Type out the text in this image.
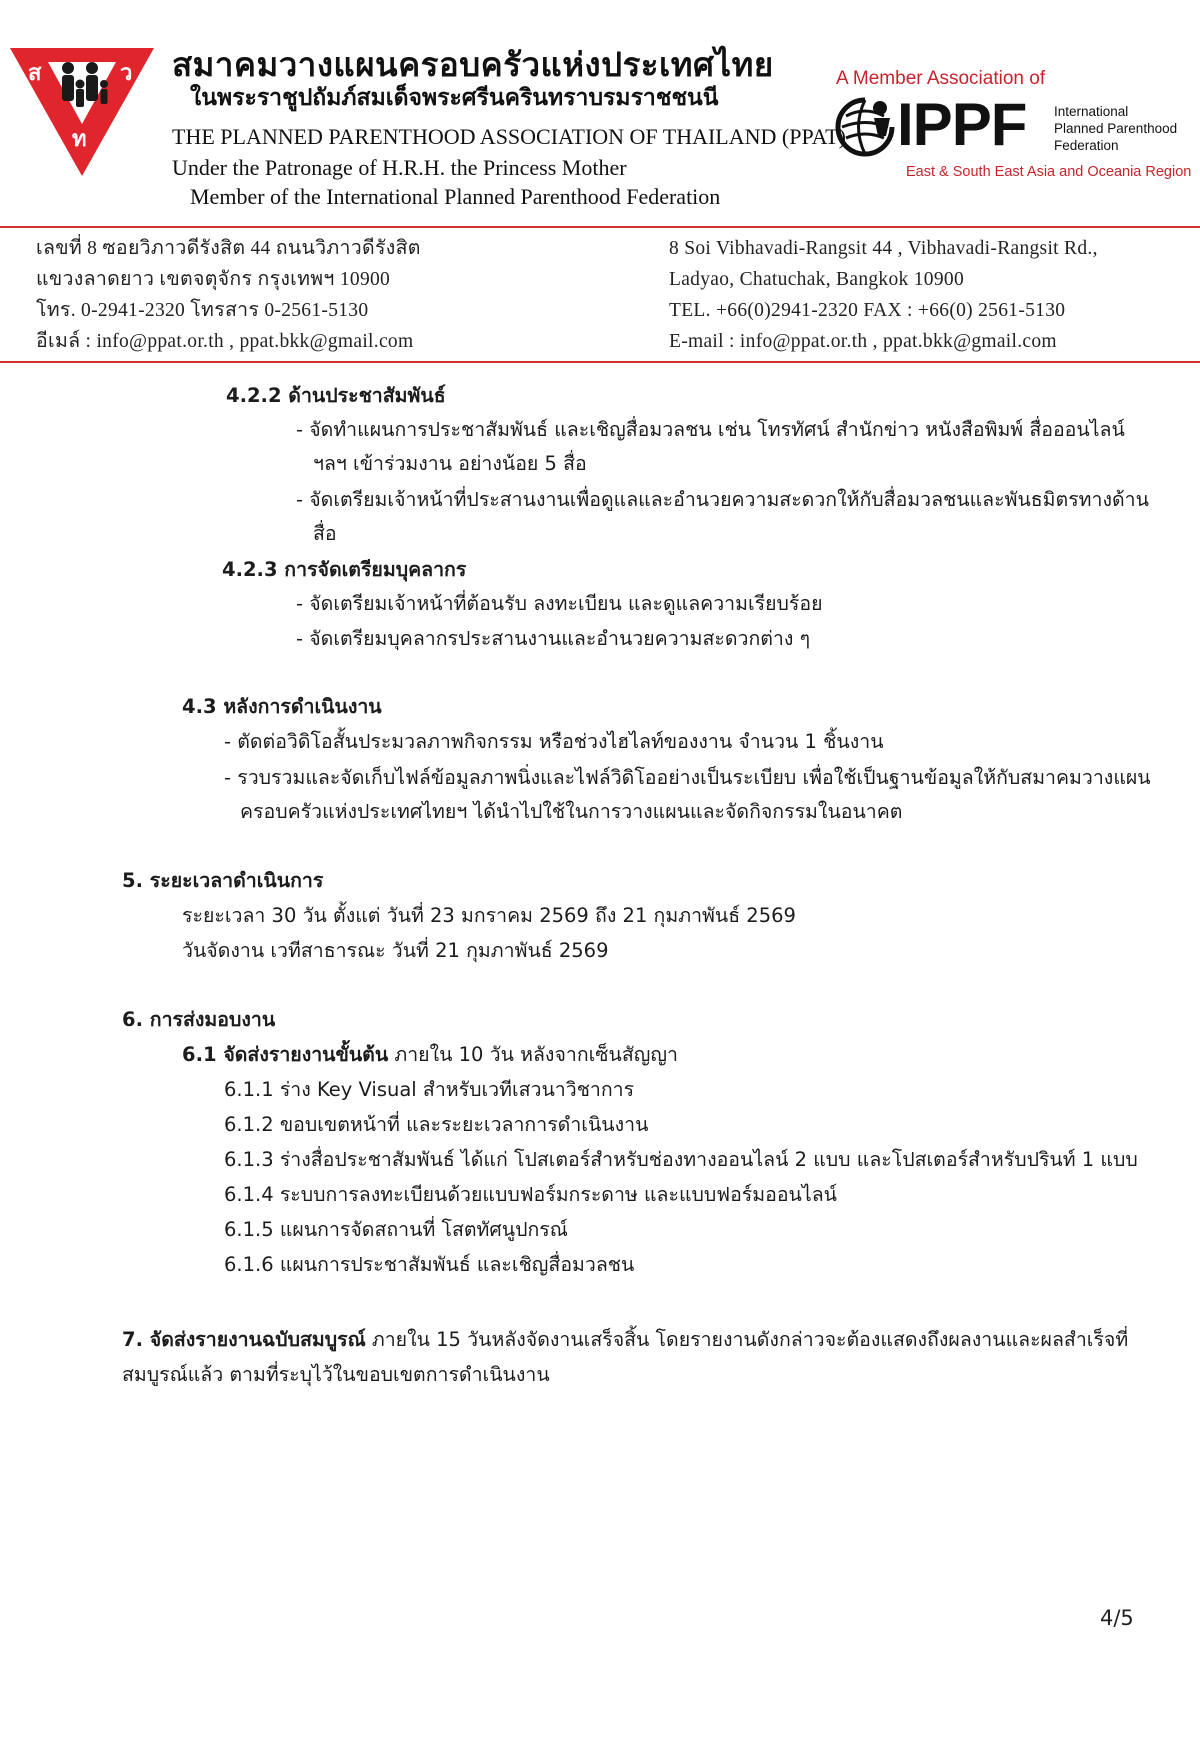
ส	ว
ท
สมาคมวางแผนครอบครัวแห่งประเทศไทย
ในพระราชูปถัมภ์สมเด็จพระศรีนครินทราบรมราชชนนี
THE PLANNED PARENTHOOD ASSOCIATION OF THAILAND (PPAT)
Under the Patronage of H.R.H. the Princess Mother
Member of the International Planned Parenthood Federation
A Member Association of
IPPF International
Planned Parenthood
Federation
East & South East Asia and Oceania Region
เลขที่ 8 ซอยวิภาวดีรังสิต 44 ถนนวิภาวดีรังสิต
แขวงลาดยาว เขตจตุจักร กรุงเทพฯ 10900
โทร. 0-2941-2320 โทรสาร 0-2561-5130
อีเมล์ : info@ppat.or.th , ppat.bkk@gmail.com
8 Soi Vibhavadi-Rangsit 44 , Vibhavadi-Rangsit Rd.,
Ladyao, Chatuchak, Bangkok 10900
TEL. +66(0)2941-2320 FAX : +66(0) 2561-5130
E-mail : info@ppat.or.th , ppat.bkk@gmail.com
4.2.2 ด้านประชาสัมพันธ์
- จัดทำแผนการประชาสัมพันธ์ และเชิญสื่อมวลชน เช่น โทรทัศน์ สำนักข่าว หนังสือพิมพ์ สื่อออนไลน์
ฯลฯ เข้าร่วมงาน อย่างน้อย 5 สื่อ
- จัดเตรียมเจ้าหน้าที่ประสานงานเพื่อดูแลและอำนวยความสะดวกให้กับสื่อมวลชนและพันธมิตรทางด้าน
สื่อ
4.2.3 การจัดเตรียมบุคลากร
- จัดเตรียมเจ้าหน้าที่ต้อนรับ ลงทะเบียน และดูแลความเรียบร้อย
- จัดเตรียมบุคลากรประสานงานและอำนวยความสะดวกต่าง ๆ
4.3 หลังการดำเนินงาน
- ตัดต่อวิดิโอสั้นประมวลภาพกิจกรรม หรือช่วงไฮไลท์ของงาน จำนวน 1 ชิ้นงาน
- รวบรวมและจัดเก็บไฟล์ข้อมูลภาพนิ่งและไฟล์วิดิโออย่างเป็นระเบียบ เพื่อใช้เป็นฐานข้อมูลให้กับสมาคมวางแผน
ครอบครัวแห่งประเทศไทยฯ ได้นำไปใช้ในการวางแผนและจัดกิจกรรมในอนาคต
5. ระยะเวลาดำเนินการ
ระยะเวลา 30 วัน ตั้งแต่ วันที่ 23 มกราคม 2569 ถึง 21 กุมภาพันธ์ 2569
วันจัดงาน เวทีสาธารณะ วันที่ 21 กุมภาพันธ์ 2569
6. การส่งมอบงาน
6.1 จัดส่งรายงานขั้นต้น ภายใน 10 วัน หลังจากเซ็นสัญญา
6.1.1 ร่าง Key Visual สำหรับเวทีเสวนาวิชาการ
6.1.2 ขอบเขตหน้าที่ และระยะเวลาการดำเนินงาน
6.1.3 ร่างสื่อประชาสัมพันธ์ ได้แก่ โปสเตอร์สำหรับช่องทางออนไลน์ 2 แบบ และโปสเตอร์สำหรับปรินท์ 1 แบบ
6.1.4 ระบบการลงทะเบียนด้วยแบบฟอร์มกระดาษ และแบบฟอร์มออนไลน์
6.1.5 แผนการจัดสถานที่ โสตทัศนูปกรณ์
6.1.6 แผนการประชาสัมพันธ์ และเชิญสื่อมวลชน
7. จัดส่งรายงานฉบับสมบูรณ์ ภายใน 15 วันหลังจัดงานเสร็จสิ้น โดยรายงานดังกล่าวจะต้องแสดงถึงผลงานและผลสำเร็จที่
สมบูรณ์แล้ว ตามที่ระบุไว้ในขอบเขตการดำเนินงาน
4/5
